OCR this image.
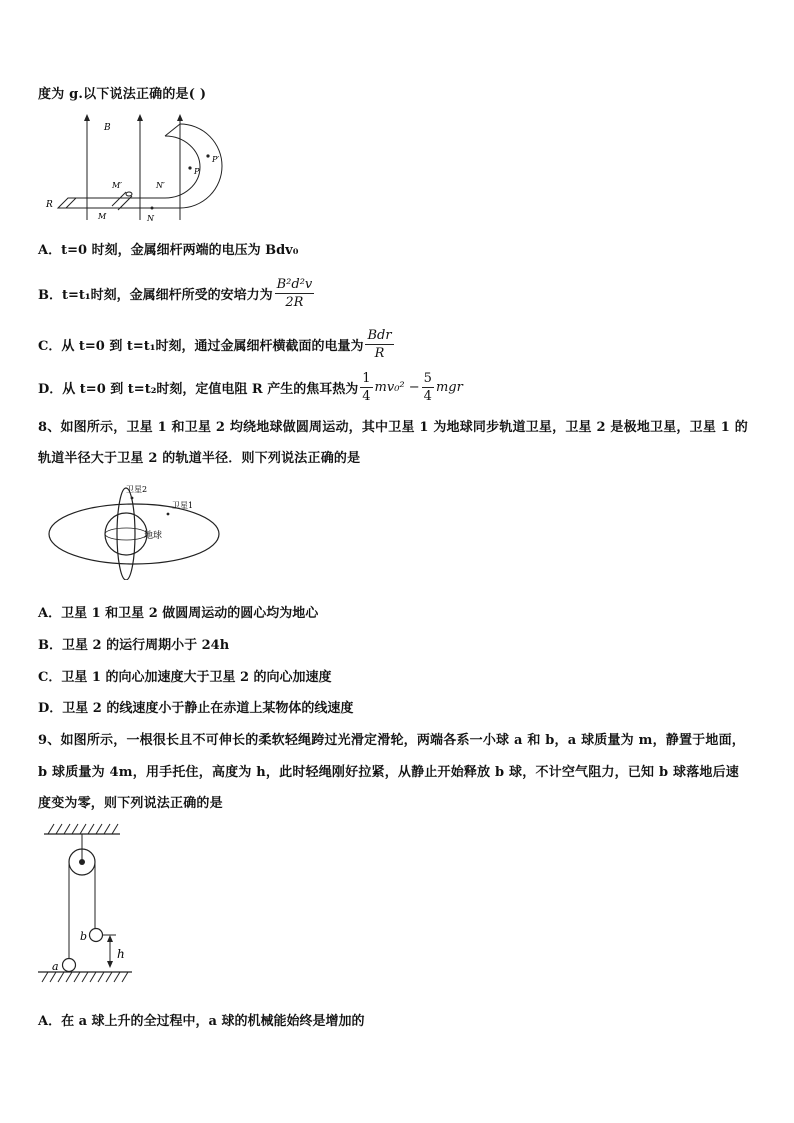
度为 g.以下说法正确的是( )
B
R
M′
M	N
N′
P
P′
A． t=0 时刻，金属细杆两端的电压为 Bdv₀
B． t=t₁时刻，金属细杆所受的安培力为 $\frac{\text{B²d²v}}{2R}$
C． 从 t=0 到 t=t₁时刻，通过金属细杆横截面的电量为 $\frac{\text{Bdr}}{R}$
D． 从 t=0 到 t=t₂时刻，定值电阻 R 产生的焦耳热为 $\frac{1}{4} mv_0^2 - \frac{5}{4}$ mgr
8、如图所示，卫星 1 和卫星 2 均绕地球做圆周运动，其中卫星 1 为地球同步轨道卫星，卫星 2 是极地卫星，卫星 1 的
轨道半径大于卫星 2 的轨道半径．则下列说法正确的是
卫星2
卫星1
地球
A．卫星 1 和卫星 2 做圆周运动的圆心均为地心
B．卫星 2 的运行周期小于 24h
C．卫星 1 的向心加速度大于卫星 2 的向心加速度
D．卫星 2 的线速度小于静止在赤道上某物体的线速度
9、如图所示，一根很长且不可伸长的柔软轻绳跨过光滑定滑轮，两端各系一小球 a 和 b，a 球质量为 m，静置于地面，
b 球质量为 4m，用手托住，高度为 h，此时轻绳刚好拉紧，从静止开始释放 b 球，不计空气阻力，已知 b 球落地后速
度变为零，则下列说法正确的是
b
h
a
A．在 a 球上升的全过程中，a 球的机械能始终是增加的
